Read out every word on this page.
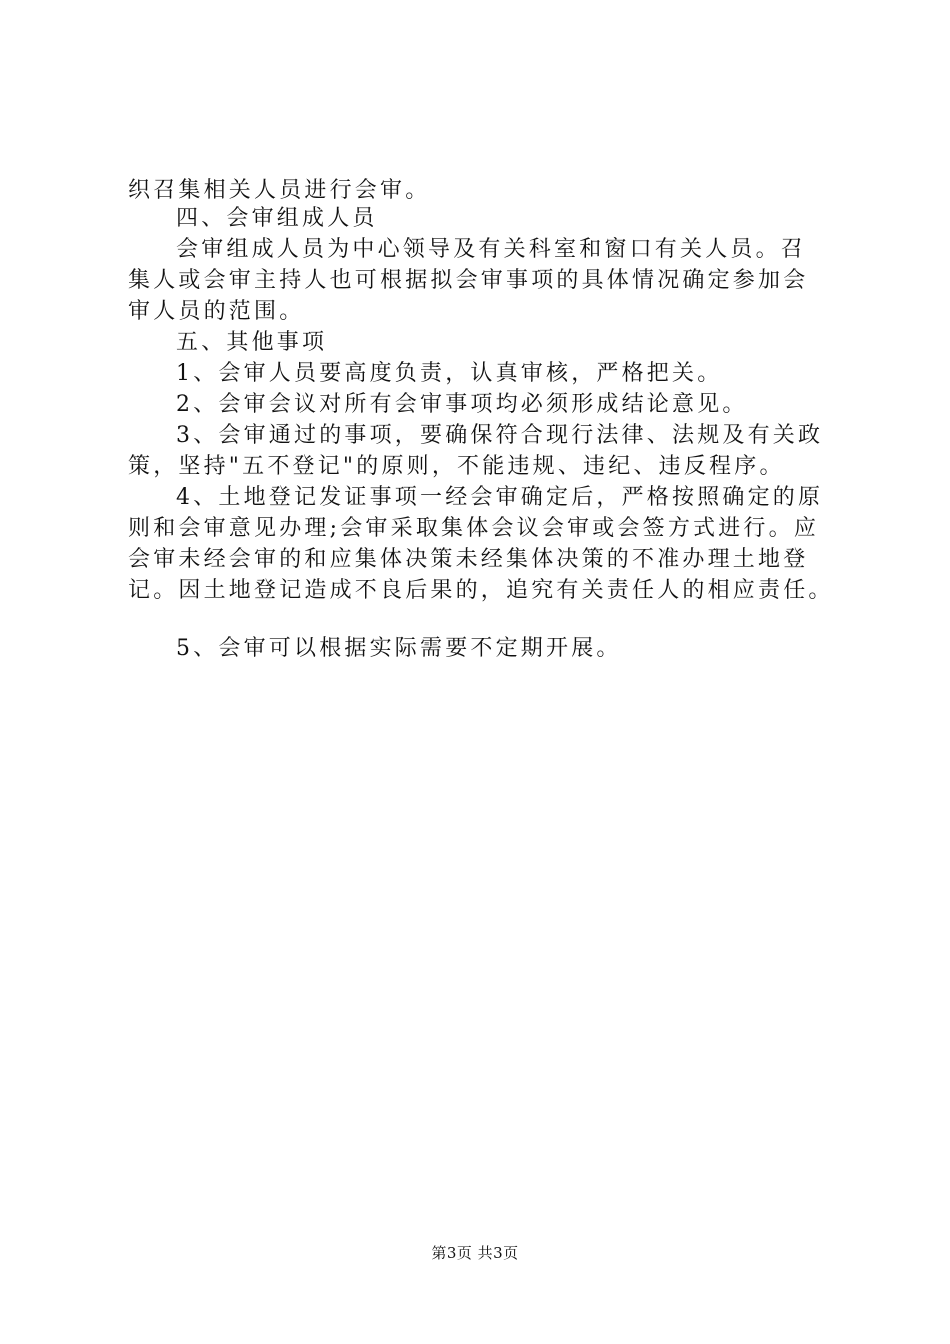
织召集相关人员进行会审。
四、会审组成人员
会审组成人员为中心领导及有关科室和窗口有关人员。召
集人或会审主持人也可根据拟会审事项的具体情况确定参加会
审人员的范围。
五、其他事项
1、会审人员要高度负责，认真审核，严格把关。
2、会审会议对所有会审事项均必须形成结论意见。
3、会审通过的事项，要确保符合现行法律、法规及有关政
策，坚持"五不登记"的原则，不能违规、违纪、违反程序。
4、土地登记发证事项一经会审确定后，严格按照确定的原
则和会审意见办理;会审采取集体会议会审或会签方式进行。应
会审未经会审的和应集体决策未经集体决策的不准办理土地登
记。因土地登记造成不良后果的，追究有关责任人的相应责任。
5、会审可以根据实际需要不定期开展。
第3页 共3页
